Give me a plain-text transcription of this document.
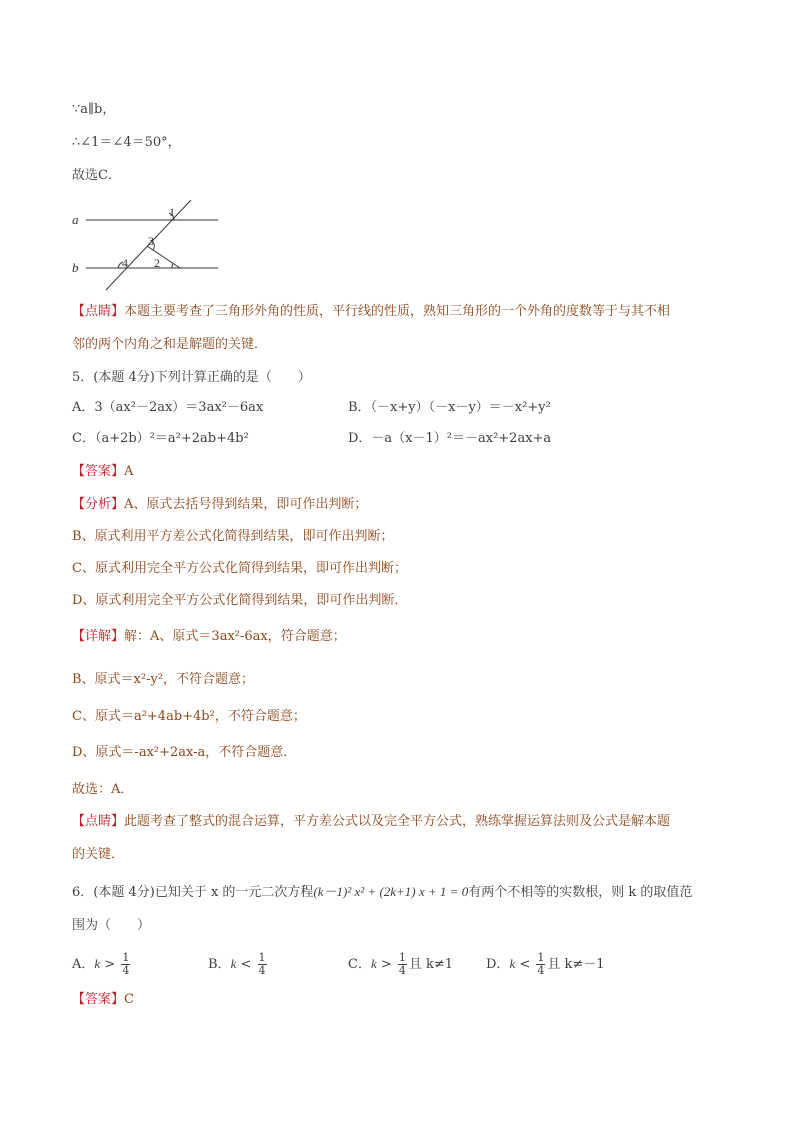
∵a∥b，
∴∠1＝∠4＝50°，
故选C．
a
b
1
3
4 2
【点睛】本题主要考查了三角形外角的性质，平行线的性质，熟知三角形的一个外角的度数等于与其不相
邻的两个内角之和是解题的关键．
5．(本题 4分)下列计算正确的是（　　）
A．3（ax²－2ax）＝3ax²－6ax	B．（－x+y）（－x－y）＝－x²+y²
C．（a+2b）²＝a²+2ab+4b²	D．－a（x－1）²＝－ax²+2ax+a
【答案】A
【分析】A、原式去括号得到结果，即可作出判断；
B、原式利用平方差公式化简得到结果，即可作出判断；
C、原式利用完全平方公式化简得到结果，即可作出判断；
D、原式利用完全平方公式化简得到结果，即可作出判断．
【详解】解：A、原式＝3ax²-6ax，符合题意；
B、原式＝x²-y²，不符合题意；
C、原式＝a²+4ab+4b²，不符合题意；
D、原式＝-ax²+2ax-a，不符合题意．
故选：A．
【点睛】此题考查了整式的混合运算，平方差公式以及完全平方公式，熟练掌握运算法则及公式是解本题
的关键．
6．(本题 4分)已知关于 x 的一元二次方程(k－1)² x² + (2k+1) x + 1 = 0有两个不相等的实数根，则 k 的取值范
围为（　　）
A．$k > \frac{1}{4}$	B．$k < \frac{1}{4}$	C．$k > \frac{1}{4}$ 且 k≠1	D．$k < \frac{1}{4}$ 且 k≠－1
【答案】C
